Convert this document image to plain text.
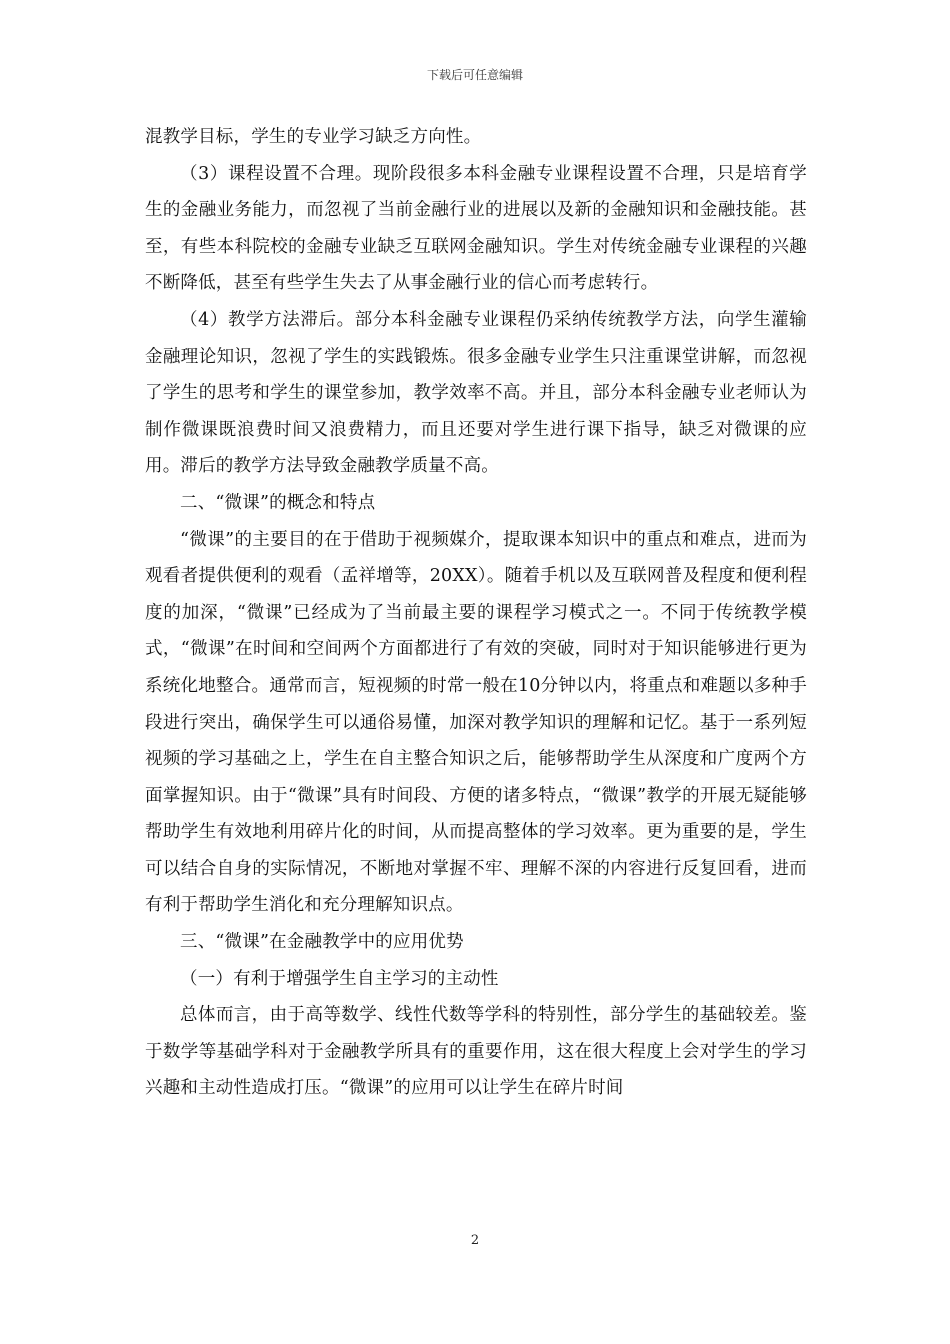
下载后可任意编辑

混教学目标，学生的专业学习缺乏方向性。

（3）课程设置不合理。现阶段很多本科金融专业课程设置不合理，只是培育学生的金融业务能力，而忽视了当前金融行业的进展以及新的金融知识和金融技能。甚至，有些本科院校的金融专业缺乏互联网金融知识。学生对传统金融专业课程的兴趣不断降低，甚至有些学生失去了从事金融行业的信心而考虑转行。

（4）教学方法滞后。部分本科金融专业课程仍采纳传统教学方法，向学生灌输金融理论知识，忽视了学生的实践锻炼。很多金融专业学生只注重课堂讲解，而忽视了学生的思考和学生的课堂参加，教学效率不高。并且，部分本科金融专业老师认为制作微课既浪费时间又浪费精力，而且还要对学生进行课下指导，缺乏对微课的应用。滞后的教学方法导致金融教学质量不高。

二、“微课”的概念和特点

“微课”的主要目的在于借助于视频媒介，提取课本知识中的重点和难点，进而为观看者提供便利的观看（孟祥增等，20XX）。随着手机以及互联网普及程度和便利程度的加深，“微课”已经成为了当前最主要的课程学习模式之一。不同于传统教学模式，“微课”在时间和空间两个方面都进行了有效的突破，同时对于知识能够进行更为系统化地整合。通常而言，短视频的时常一般在10分钟以内，将重点和难题以多种手段进行突出，确保学生可以通俗易懂，加深对教学知识的理解和记忆。基于一系列短视频的学习基础之上，学生在自主整合知识之后，能够帮助学生从深度和广度两个方面掌握知识。由于“微课”具有时间段、方便的诸多特点，“微课”教学的开展无疑能够帮助学生有效地利用碎片化的时间，从而提高整体的学习效率。更为重要的是，学生可以结合自身的实际情况，不断地对掌握不牢、理解不深的内容进行反复回看，进而有利于帮助学生消化和充分理解知识点。

三、“微课”在金融教学中的应用优势

（一）有利于增强学生自主学习的主动性

总体而言，由于高等数学、线性代数等学科的特别性，部分学生的基础较差。鉴于数学等基础学科对于金融教学所具有的重要作用，这在很大程度上会对学生的学习兴趣和主动性造成打压。“微课”的应用可以让学生在碎片时间

2
